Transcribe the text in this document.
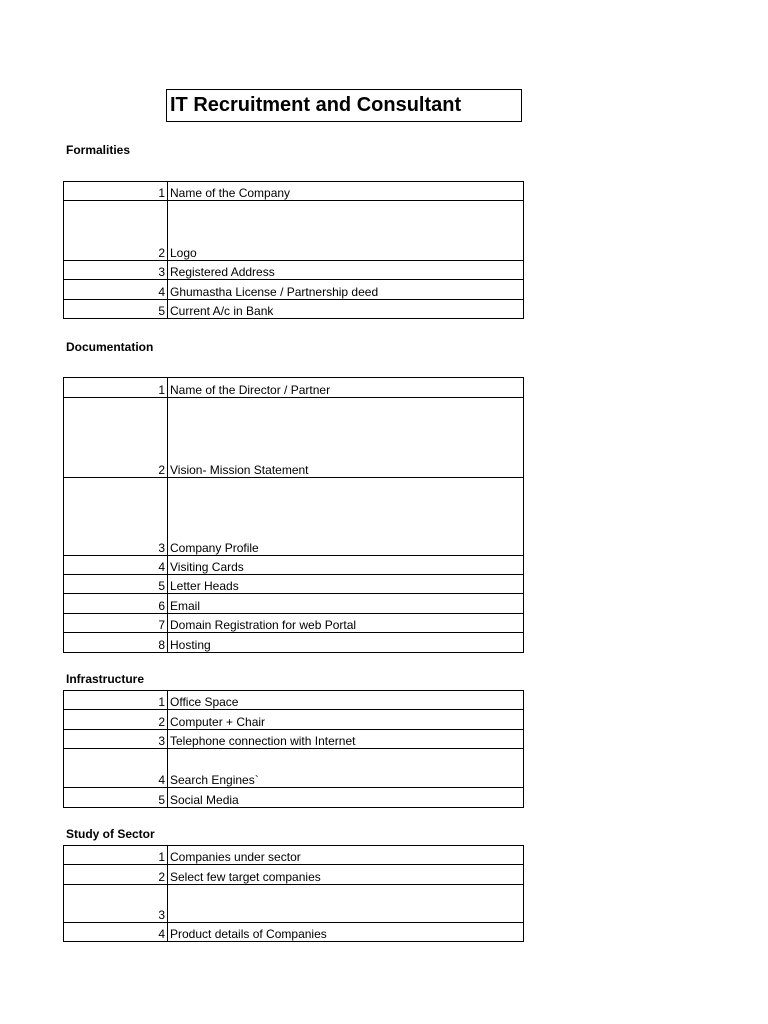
IT Recruitment and Consultant
Formalities
1	Name of the Company
2	Logo
3	Registered Address
4	Ghumastha License / Partnership deed
5	Current A/c in Bank
Documentation
1	Name of the Director / Partner
2	Vision- Mission Statement
3	Company Profile
4	Visiting Cards
5	Letter Heads
6	Email
7	Domain Registration for web Portal
8	Hosting
Infrastructure
1	Office Space
2	Computer + Chair
3	Telephone connection with Internet
4	Search Engines`
5	Social Media
Study of Sector
1	Companies under sector
2	Select few target companies
3	
4	Product details of Companies
